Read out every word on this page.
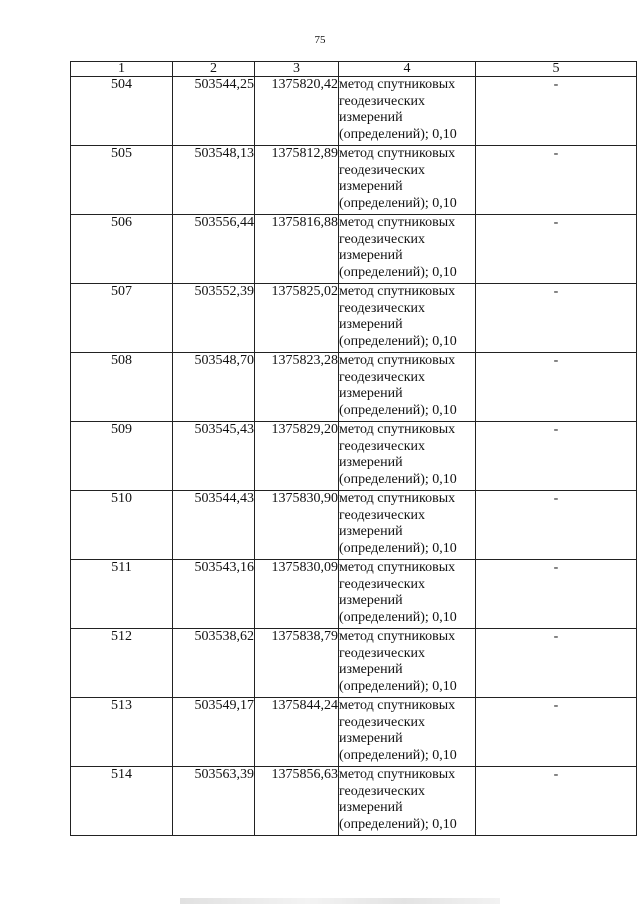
75
1	2	3	4	5
504	503544,25	1375820,42	метод спутниковых
геодезических
измерений
(определений); 0,10	-
505	503548,13	1375812,89	метод спутниковых
геодезических
измерений
(определений); 0,10	-
506	503556,44	1375816,88	метод спутниковых
геодезических
измерений
(определений); 0,10	-
507	503552,39	1375825,02	метод спутниковых
геодезических
измерений
(определений); 0,10	-
508	503548,70	1375823,28	метод спутниковых
геодезических
измерений
(определений); 0,10	-
509	503545,43	1375829,20	метод спутниковых
геодезических
измерений
(определений); 0,10	-
510	503544,43	1375830,90	метод спутниковых
геодезических
измерений
(определений); 0,10	-
511	503543,16	1375830,09	метод спутниковых
геодезических
измерений
(определений); 0,10	-
512	503538,62	1375838,79	метод спутниковых
геодезических
измерений
(определений); 0,10	-
513	503549,17	1375844,24	метод спутниковых
геодезических
измерений
(определений); 0,10	-
514	503563,39	1375856,63	метод спутниковых
геодезических
измерений
(определений); 0,10	-
